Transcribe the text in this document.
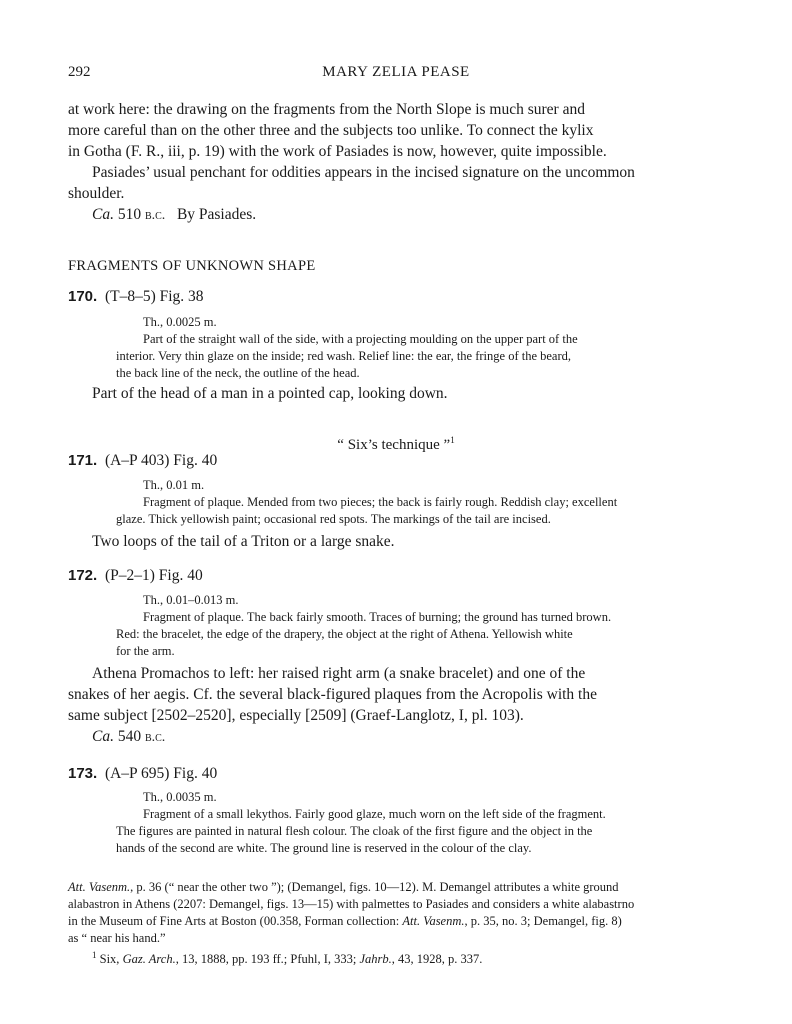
292	MARY ZELIA PEASE
at work here: the drawing on the fragments from the North Slope is much surer and
more careful than on the other three and the subjects too unlike. To connect the kylix
in Gotha (F. R., iii, p. 19) with the work of Pasiades is now, however, quite impossible.
Pasiades’ usual penchant for oddities appears in the incised signature on the uncommon
shoulder.
Ca. 510 b.c.   By Pasiades.
FRAGMENTS OF UNKNOWN SHAPE
170. (T–8–5) Fig. 38
Th., 0.0025 m.
Part of the straight wall of the side, with a projecting moulding on the upper part of the
interior. Very thin glaze on the inside; red wash. Relief line: the ear, the fringe of the beard,
the back line of the neck, the outline of the head.
Part of the head of a man in a pointed cap, looking down.
“ Six’s technique ”$^1$
171. (A–P 403) Fig. 40
Th., 0.01 m.
Fragment of plaque. Mended from two pieces; the back is fairly rough. Reddish clay; excellent
glaze. Thick yellowish paint; occasional red spots. The markings of the tail are incised.
Two loops of the tail of a Triton or a large snake.
172. (P–2–1) Fig. 40
Th., 0.01–0.013 m.
Fragment of plaque. The back fairly smooth. Traces of burning; the ground has turned brown.
Red: the bracelet, the edge of the drapery, the object at the right of Athena. Yellowish white
for the arm.
Athena Promachos to left: her raised right arm (a snake bracelet) and one of the
snakes of her aegis. Cf. the several black-figured plaques from the Acropolis with the
same subject [2502–2520], especially [2509] (Graef-Langlotz, I, pl. 103).
Ca. 540 b.c.
173. (A–P 695) Fig. 40
Th., 0.0035 m.
Fragment of a small lekythos. Fairly good glaze, much worn on the left side of the fragment.
The figures are painted in natural flesh colour. The cloak of the first figure and the object in the
hands of the second are white. The ground line is reserved in the colour of the clay.
Att. Vasenm., p. 36 (“ near the other two ”); (Demangel, figs. 10—12). M. Demangel attributes a white ground
alabastron in Athens (2207: Demangel, figs. 13—15) with palmettes to Pasiades and considers a white alabastrno
in the Museum of Fine Arts at Boston (00.358, Forman collection: Att. Vasenm., p. 35, no. 3; Demangel, fig. 8)
as “ near his hand.”
$^1$ Six, Gaz. Arch., 13, 1888, pp. 193 ff.; Pfuhl, I, 333; Jahrb., 43, 1928, p. 337.
